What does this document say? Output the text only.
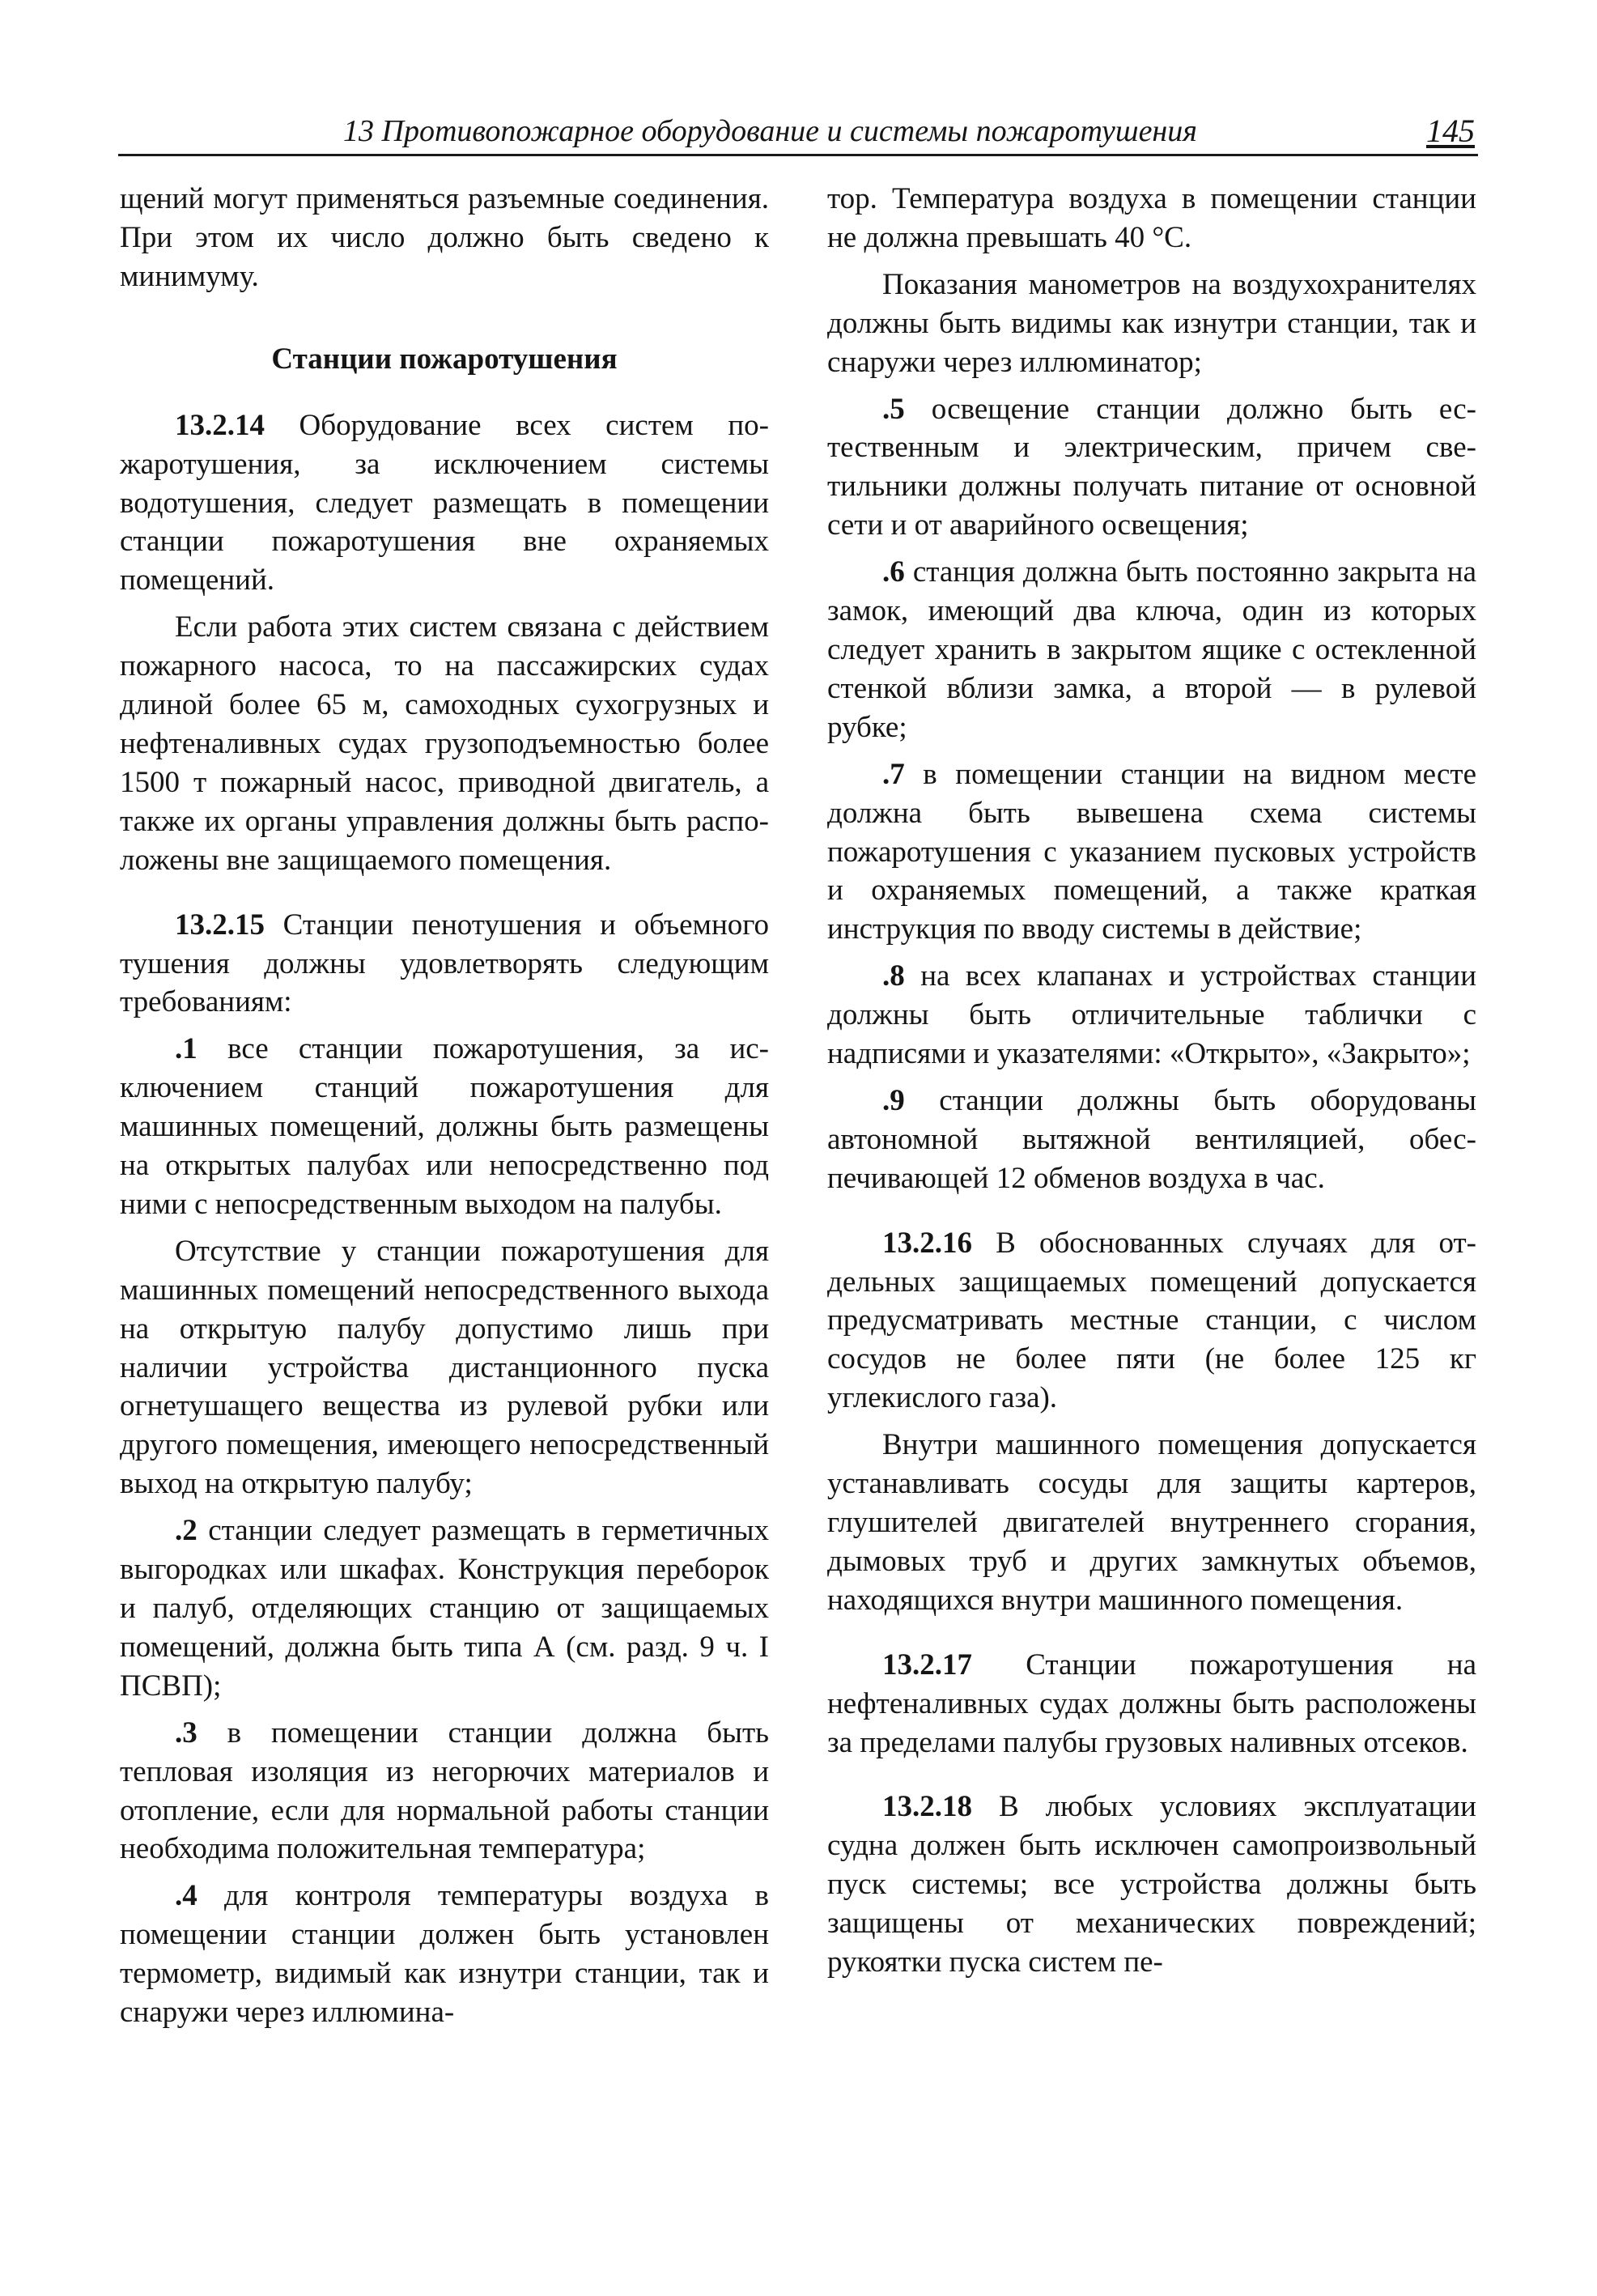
13 Противопожарное оборудование и системы пожаротушения	145

щений могут применяться разъемные соединения. При этом их число должно быть сведено к минимуму.

Станции пожаротушения

13.2.14 Оборудование всех систем пожаротушения, за исключением системы водотушения, следует размещать в помещении станции пожаротушения вне охраняемых помещений.

Если работа этих систем связана с действием пожарного насоса, то на пассажирских судах длиной более 65 м, самоходных сухогрузных и нефтеналивных судах грузоподъемностью более 1500 т пожарный насос, приводной двигатель, а также их органы управления должны быть расположены вне защищаемого помещения.

13.2.15 Станции пенотушения и объемного тушения должны удовлетворять следующим требованиям:

.1 все станции пожаротушения, за исключением станций пожаротушения для машинных помещений, должны быть размещены на открытых палубах или непосредственно под ними с непосредственным выходом на палубы.

Отсутствие у станции пожаротушения для машинных помещений непосредственного выхода на открытую палубу допустимо лишь при наличии устройства дистанционного пуска огнетушащего вещества из рулевой рубки или другого помещения, имеющего непосредственный выход на открытую палубу;

.2 станции следует размещать в герметичных выгородках или шкафах. Конструкция переборок и палуб, отделяющих станцию от защищаемых помещений, должна быть типа А (см. разд. 9 ч. I ПСВП);

.3 в помещении станции должна быть тепловая изоляция из негорючих материалов и отопление, если для нормальной работы станции необходима положительная температура;

.4 для контроля температуры воздуха в помещении станции должен быть установлен термометр, видимый как изнутри станции, так и снаружи через иллюмина-

тор. Температура воздуха в помещении станции не должна превышать 40 °С.

Показания манометров на воздухохранителях должны быть видимы как изнутри станции, так и снаружи через иллюминатор;

.5 освещение станции должно быть естественным и электрическим, причем светильники должны получать питание от основной сети и от аварийного освещения;

.6 станция должна быть постоянно закрыта на замок, имеющий два ключа, один из которых следует хранить в закрытом ящике с остекленной стенкой вблизи замка, а второй — в рулевой рубке;

.7 в помещении станции на видном месте должна быть вывешена схема системы пожаротушения с указанием пусковых устройств и охраняемых помещений, а также краткая инструкция по вводу системы в действие;

.8 на всех клапанах и устройствах станции должны быть отличительные таблички с надписями и указателями: «Открыто», «Закрыто»;

.9 станции должны быть оборудованы автономной вытяжной вентиляцией, обеспечивающей 12 обменов воздуха в час.

13.2.16 В обоснованных случаях для отдельных защищаемых помещений допускается предусматривать местные станции, с числом сосудов не более пяти (не более 125 кг углекислого газа).

Внутри машинного помещения допускается устанавливать сосуды для защиты картеров, глушителей двигателей внутреннего сгорания, дымовых труб и других замкнутых объемов, находящихся внутри машинного помещения.

13.2.17 Станции пожаротушения на нефтеналивных судах должны быть расположены за пределами палубы грузовых наливных отсеков.

13.2.18 В любых условиях эксплуатации судна должен быть исключен самопроизвольный пуск системы; все устройства должны быть защищены от механических повреждений; рукоятки пуска систем пе-
